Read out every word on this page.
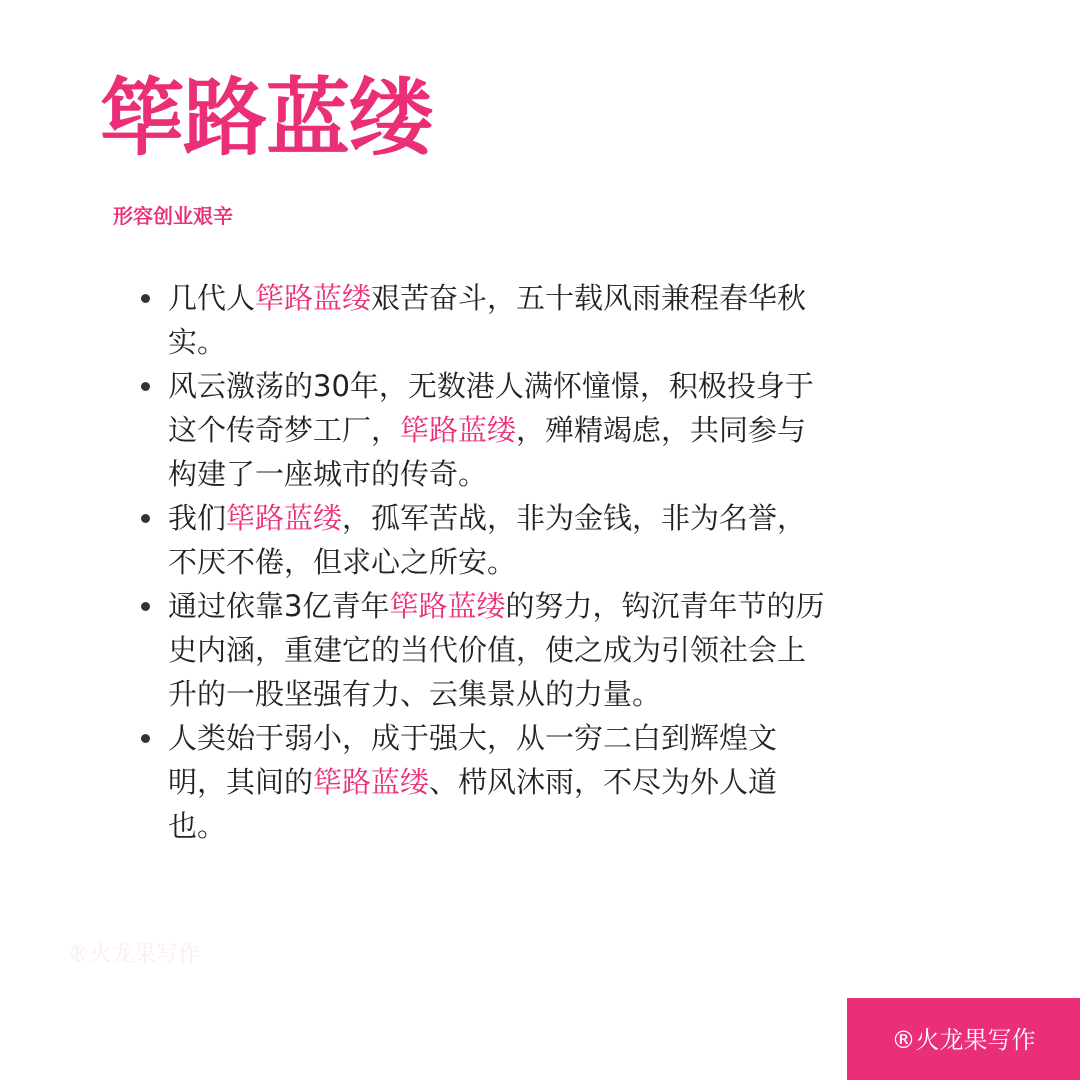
筚路蓝缕
形容创业艰辛
几代人筚路蓝缕艰苦奋斗，五十载风雨兼程春华秋实。
风云激荡的30年，无数港人满怀憧憬，积极投身于这个传奇梦工厂，筚路蓝缕，殚精竭虑，共同参与构建了一座城市的传奇。
我们筚路蓝缕，孤军苦战，非为金钱，非为名誉，不厌不倦，但求心之所安。
通过依靠3亿青年筚路蓝缕的努力，钩沉青年节的历史内涵，重建它的当代价值，使之成为引领社会上升的一股坚强有力、云集景从的力量。
人类始于弱小，成于强大，从一穷二白到辉煌文明，其间的筚路蓝缕、栉风沐雨，不尽为外人道也。
®火龙果写作
®火龙果写作
